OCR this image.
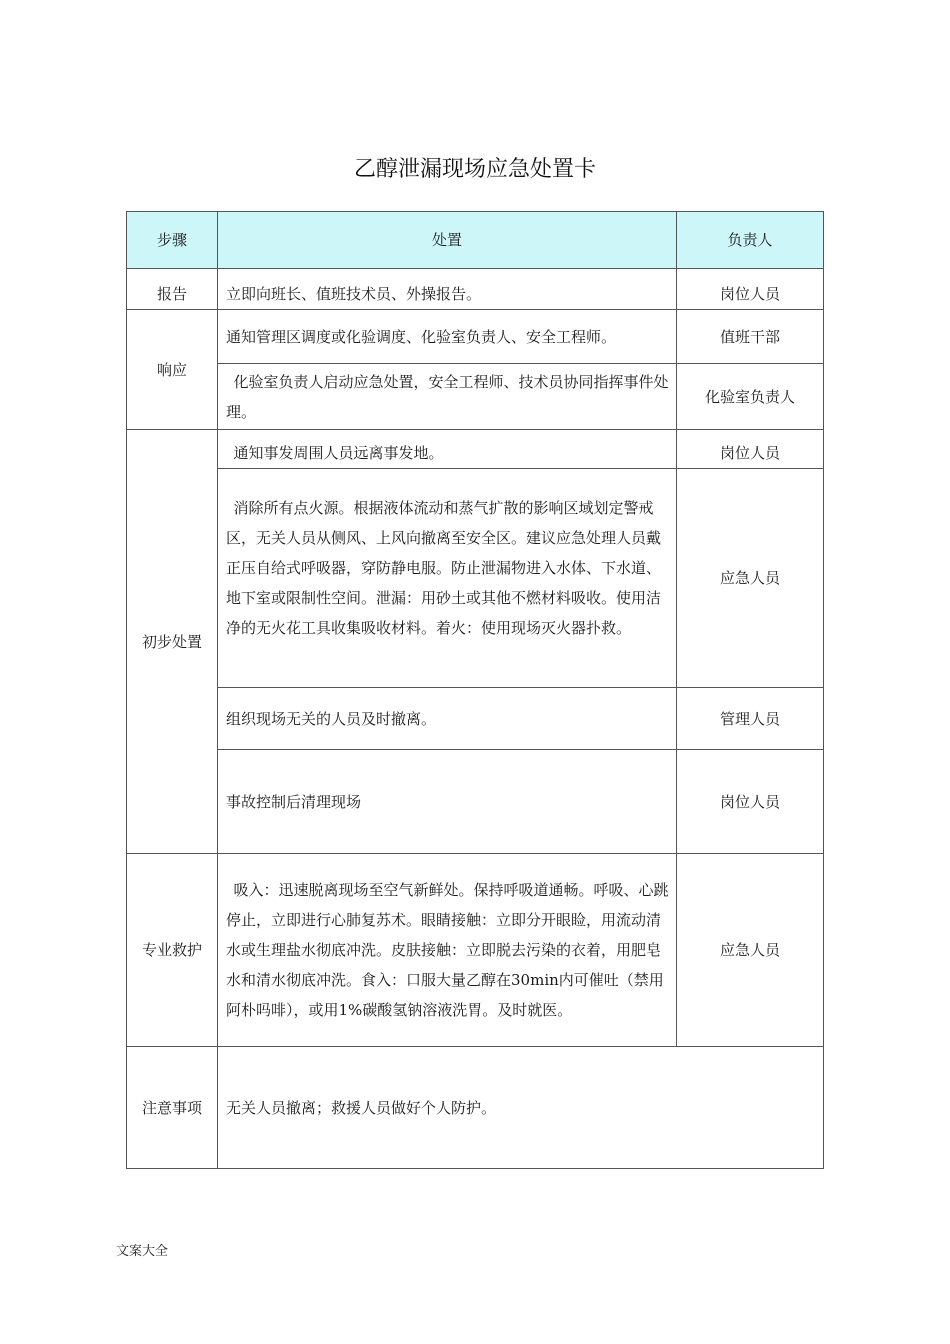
乙醇泄漏现场应急处置卡
步骤	处置	负责人
报告	立即向班长、值班技术员、外操报告。	岗位人员
响应	通知管理区调度或化验调度、化验室负责人、安全工程师。	值班干部
	化验室负责人启动应急处置，安全工程师、技术员协同指挥事件处理。	化验室负责人
初步处置	通知事发周围人员远离事发地。	岗位人员
	消除所有点火源。根据液体流动和蒸气扩散的影响区域划定警戒区，无关人员从侧风、上风向撤离至安全区。建议应急处理人员戴正压自给式呼吸器，穿防静电服。防止泄漏物进入水体、下水道、地下室或限制性空间。泄漏：用砂土或其他不燃材料吸收。使用洁净的无火花工具收集吸收材料。着火：使用现场灭火器扑救。	应急人员
	组织现场无关的人员及时撤离。	管理人员
	事故控制后清理现场	岗位人员
专业救护	吸入：迅速脱离现场至空气新鲜处。保持呼吸道通畅。呼吸、心跳停止，立即进行心肺复苏术。眼睛接触：立即分开眼睑，用流动清水或生理盐水彻底冲洗。皮肤接触：立即脱去污染的衣着，用肥皂水和清水彻底冲洗。食入：口服大量乙醇在30min内可催吐（禁用阿朴吗啡），或用1%碳酸氢钠溶液洗胃。及时就医。	应急人员
注意事项	无关人员撤离；救援人员做好个人防护。	
文案大全
